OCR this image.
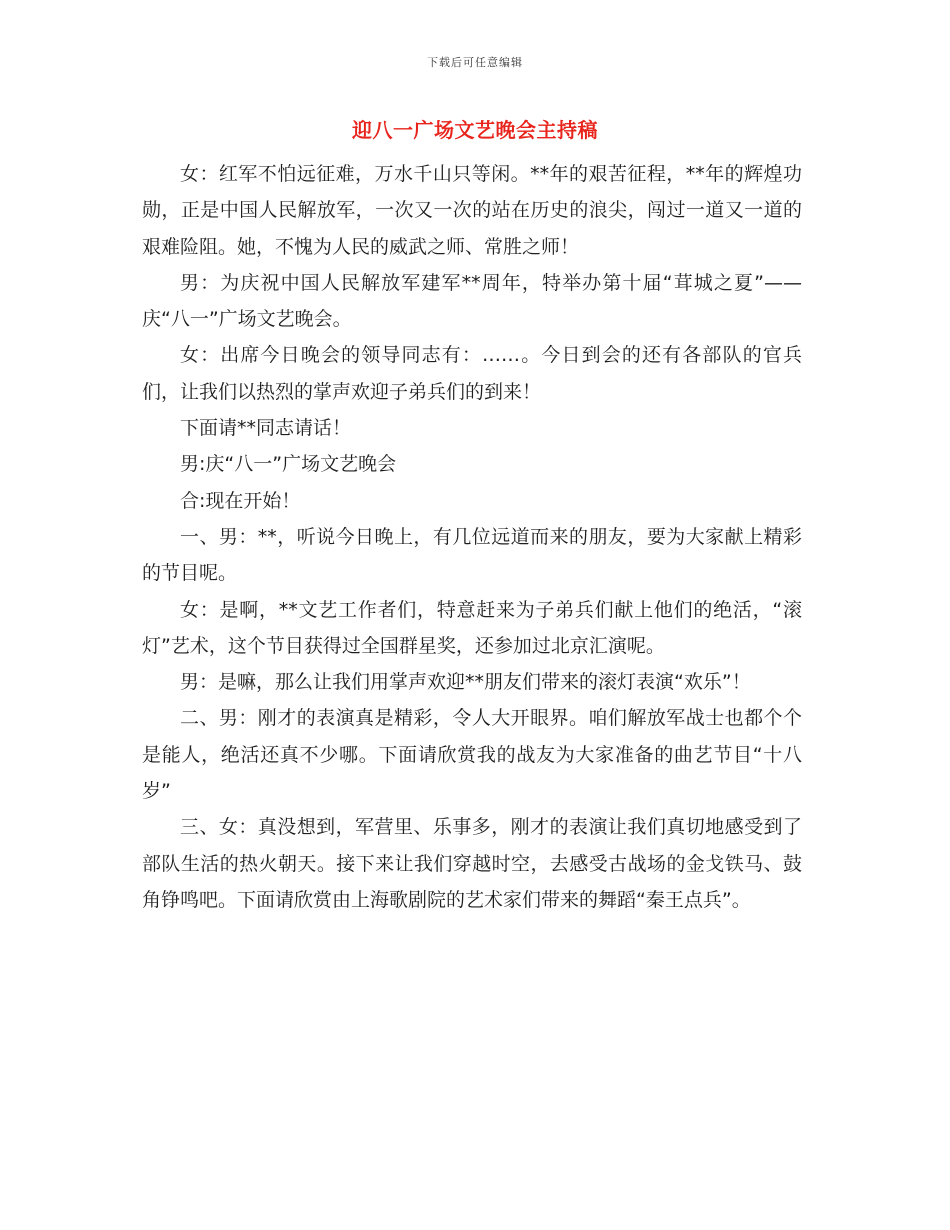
下载后可任意编辑
迎八一广场文艺晚会主持稿

女：红军不怕远征难，万水千山只等闲。**年的艰苦征程，**年的辉煌功勋，正是中国人民解放军，一次又一次的站在历史的浪尖，闯过一道又一道的艰难险阻。她，不愧为人民的威武之师、常胜之师！

男：为庆祝中国人民解放军建军**周年，特举办第十届“茸城之夏”——庆“八一”广场文艺晚会。

女：出席今日晚会的领导同志有：……。今日到会的还有各部队的官兵们，让我们以热烈的掌声欢迎子弟兵们的到来！

下面请**同志请话！

男:庆“八一”广场文艺晚会

合:现在开始！

一、男：**，听说今日晚上，有几位远道而来的朋友，要为大家献上精彩的节目呢。

女：是啊，**文艺工作者们，特意赶来为子弟兵们献上他们的绝活，“滚灯”艺术，这个节目获得过全国群星奖，还参加过北京汇演呢。

男：是嘛，那么让我们用掌声欢迎**朋友们带来的滚灯表演“欢乐”！

二、男：刚才的表演真是精彩，令人大开眼界。咱们解放军战士也都个个是能人，绝活还真不少哪。下面请欣赏我的战友为大家准备的曲艺节目“十八岁”

三、女：真没想到，军营里、乐事多，刚才的表演让我们真切地感受到了部队生活的热火朝天。接下来让我们穿越时空，去感受古战场的金戈铁马、鼓角铮鸣吧。下面请欣赏由上海歌剧院的艺术家们带来的舞蹈“秦王点兵”。
